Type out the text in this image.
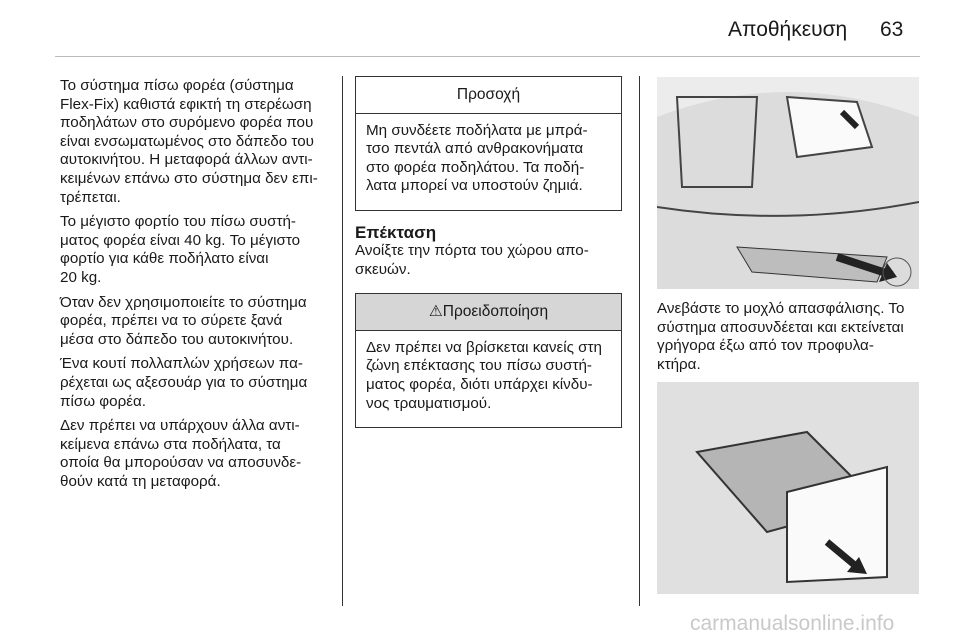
Αποθήκευση 63
Το σύστημα πίσω φορέα (σύστημα
Flex-Fix) καθιστά εφικτή τη στερέωση
ποδηλάτων στο συρόμενο φορέα που
είναι ενσωματωμένος στο δάπεδο του
αυτοκινήτου. Η μεταφορά άλλων αντι-
κειμένων επάνω στο σύστημα δεν επι-
τρέπεται.
Το μέγιστο φορτίο του πίσω συστή-
ματος φορέα είναι 40 kg. Το μέγιστο
φορτίο για κάθε ποδήλατο είναι
20 kg.
Όταν δεν χρησιμοποιείτε το σύστημα
φορέα, πρέπει να το σύρετε ξανά
μέσα στο δάπεδο του αυτοκινήτου.
Ένα κουτί πολλαπλών χρήσεων πα-
ρέχεται ως αξεσουάρ για το σύστημα
πίσω φορέα.
Δεν πρέπει να υπάρχουν άλλα αντι-
κείμενα επάνω στα ποδήλατα, τα
οποία θα μπορούσαν να αποσυνδε-
θούν κατά τη μεταφορά.
Προσοχή
Μη συνδέετε ποδήλατα με μπρά-
τσο πεντάλ από ανθρακονήματα
στο φορέα ποδηλάτου. Τα ποδή-
λατα μπορεί να υποστούν ζημιά.
Επέκταση
Ανοίξτε την πόρτα του χώρου απο-
σκευών.
⚠Προειδοποίηση
Δεν πρέπει να βρίσκεται κανείς στη
ζώνη επέκτασης του πίσω συστή-
ματος φορέα, διότι υπάρχει κίνδυ-
νος τραυματισμού.
Ανεβάστε το μοχλό απασφάλισης. Το
σύστημα αποσυνδέεται και εκτείνεται
γρήγορα έξω από τον προφυλα-
κτήρα.
carmanualsonline.info
